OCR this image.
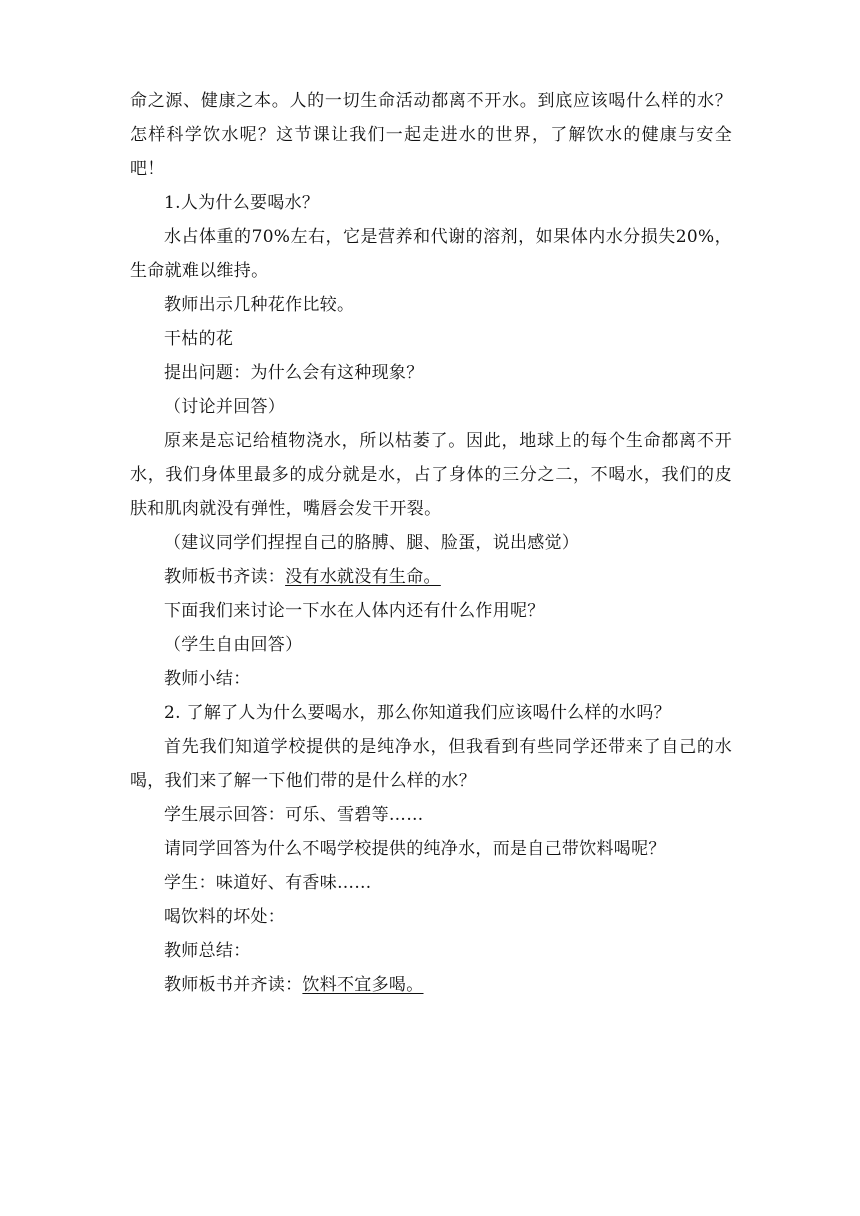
命之源、健康之本。人的一切生命活动都离不开水。到底应该喝什么样的水？怎样科学饮水呢？这节课让我们一起走进水的世界，了解饮水的健康与安全吧！

1.人为什么要喝水？

水占体重的70%左右，它是营养和代谢的溶剂，如果体内水分损失20%，生命就难以维持。

教师出示几种花作比较。

干枯的花

提出问题：为什么会有这种现象？

（讨论并回答）

原来是忘记给植物浇水，所以枯萎了。因此，地球上的每个生命都离不开水，我们身体里最多的成分就是水，占了身体的三分之二，不喝水，我们的皮肤和肌肉就没有弹性，嘴唇会发干开裂。

（建议同学们捏捏自己的胳膊、腿、脸蛋，说出感觉）

教师板书齐读：没有水就没有生命。

下面我们来讨论一下水在人体内还有什么作用呢？

（学生自由回答）

教师小结：

2. 了解了人为什么要喝水，那么你知道我们应该喝什么样的水吗？

首先我们知道学校提供的是纯净水，但我看到有些同学还带来了自己的水喝，我们来了解一下他们带的是什么样的水？

学生展示回答：可乐、雪碧等……

请同学回答为什么不喝学校提供的纯净水，而是自己带饮料喝呢？

学生：味道好、有香味……

喝饮料的坏处：

教师总结：

教师板书并齐读：饮料不宜多喝。
